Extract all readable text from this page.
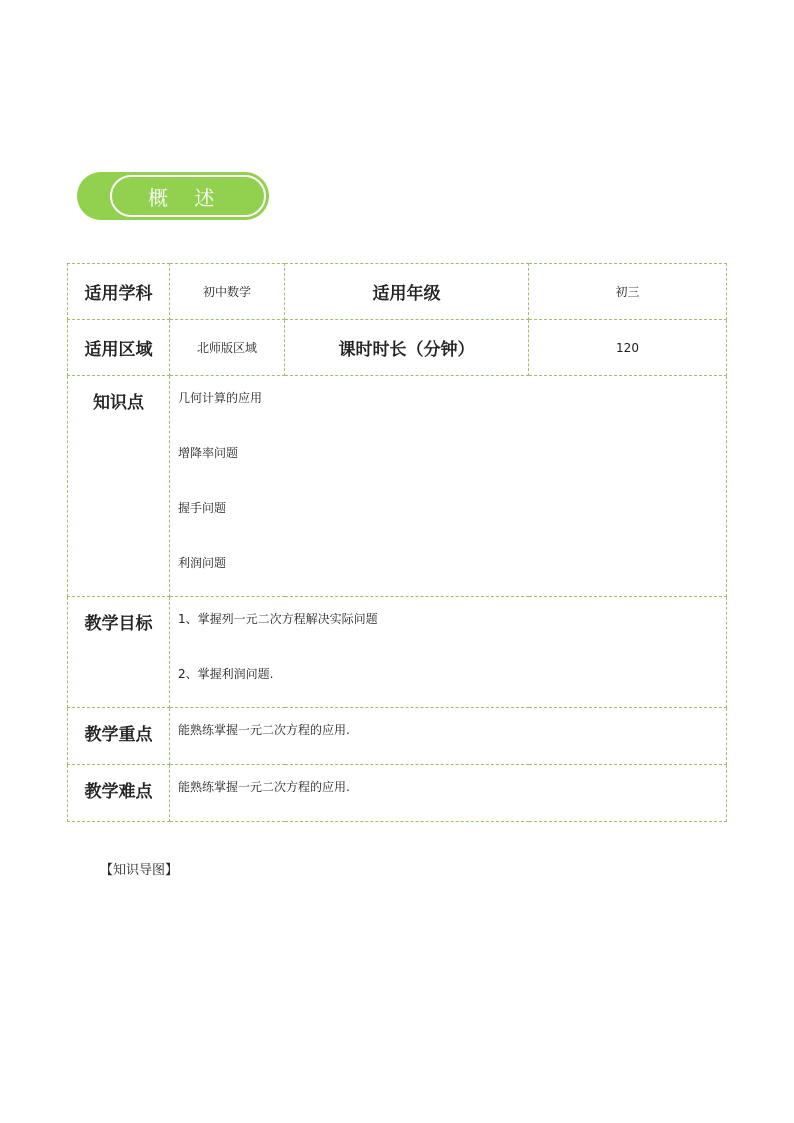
概 述
适用学科	初中数学	适用年级	初三
适用区域	北师版区域	课时时长（分钟）	120
知识点	几何计算的应用
增降率问题
握手问题
利润问题		

教学目标	1、掌握列一元二次方程解决实际问题
2、掌握利润问题.		

教学重点	能熟练掌握一元二次方程的应用.		

教学难点	能熟练掌握一元二次方程的应用.		
【知识导图】
